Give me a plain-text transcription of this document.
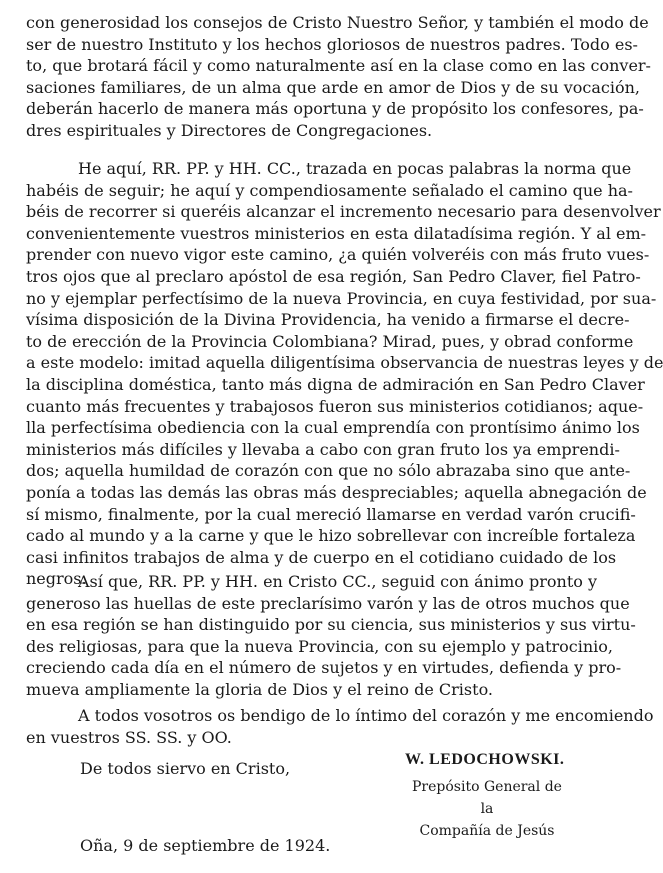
con generosidad los consejos de Cristo Nuestro Señor, y también el modo de
ser de nuestro Instituto y los hechos gloriosos de nuestros padres. Todo es-
to, que brotará fácil y como naturalmente así en la clase como en las conver-
saciones familiares, de un alma que arde en amor de Dios y de su vocación,
deberán hacerlo de manera más oportuna y de propósito los confesores, pa-
dres espirituales y Directores de Congregaciones.
He aquí, RR. PP. y HH. CC., trazada en pocas palabras la norma que
habéis de seguir; he aquí y compendiosamente señalado el camino que ha-
béis de recorrer si queréis alcanzar el incremento necesario para desenvolver
convenientemente vuestros ministerios en esta dilatadísima región. Y al em-
prender con nuevo vigor este camino, ¿a quién volveréis con más fruto vues-
tros ojos que al preclaro apóstol de esa región, San Pedro Claver, fiel Patro-
no y ejemplar perfectísimo de la nueva Provincia, en cuya festividad, por sua-
vísima disposición de la Divina Providencia, ha venido a firmarse el decre-
to de erección de la Provincia Colombiana? Mirad, pues, y obrad conforme
a este modelo: imitad aquella diligentísima observancia de nuestras leyes y de
la disciplina doméstica, tanto más digna de admiración en San Pedro Claver
cuanto más frecuentes y trabajosos fueron sus ministerios cotidianos; aque-
lla perfectísima obediencia con la cual emprendía con prontísimo ánimo los
ministerios más difíciles y llevaba a cabo con gran fruto los ya emprendi-
dos; aquella humildad de corazón con que no sólo abrazaba sino que ante-
ponía a todas las demás las obras más despreciables; aquella abnegación de
sí mismo, finalmente, por la cual mereció llamarse en verdad varón crucifi-
cado al mundo y a la carne y que le hizo sobrellevar con increíble fortaleza
casi infinitos trabajos de alma y de cuerpo en el cotidiano cuidado de los
negros.
Así que, RR. PP. y HH. en Cristo CC., seguid con ánimo pronto y
generoso las huellas de este preclarísimo varón y las de otros muchos que
en esa región se han distinguido por su ciencia, sus ministerios y sus virtu-
des religiosas, para que la nueva Provincia, con su ejemplo y patrocinio,
creciendo cada día en el número de sujetos y en virtudes, defienda y pro-
mueva ampliamente la gloria de Dios y el reino de Cristo.
A todos vosotros os bendigo de lo íntimo del corazón y me encomiendo
en vuestros SS. SS. y OO.
De todos siervo en Cristo,	W. LEDOCHOWSKI.
Prepósito General de la
Compañía de Jesús
Oña, 9 de septiembre de 1924.
